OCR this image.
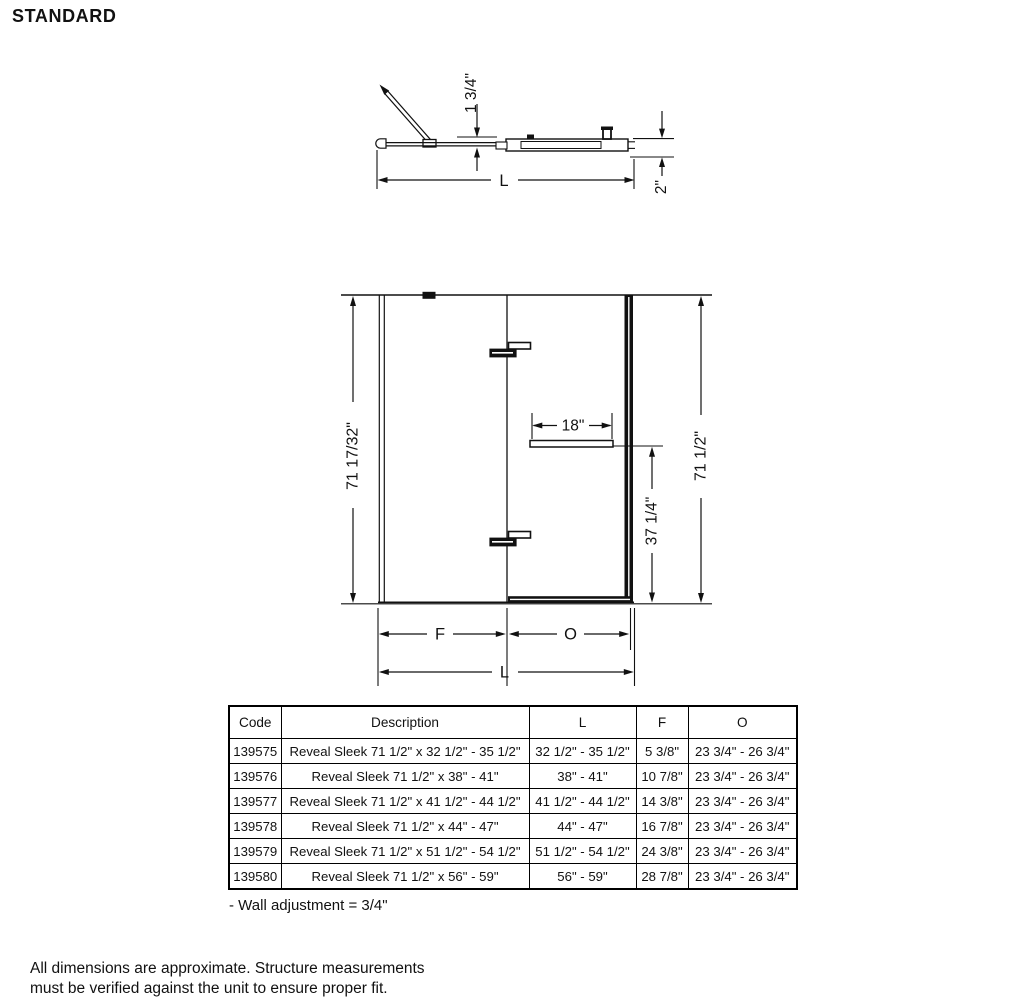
STANDARD
1 3/4"
2"
L
18"
37 1/4"
71 17/32"	71 1/2"
F	O
L
Code	Description	L	F	O
139575	Reveal Sleek 71 1/2" x 32 1/2" - 35 1/2"	32 1/2" - 35 1/2"	5 3/8"	23 3/4" - 26 3/4"
139576	Reveal Sleek 71 1/2" x 38" - 41"	38" - 41"	10 7/8"	23 3/4" - 26 3/4"
139577	Reveal Sleek 71 1/2" x 41 1/2" - 44 1/2"	41 1/2" - 44 1/2"	14 3/8"	23 3/4" - 26 3/4"
139578	Reveal Sleek 71 1/2" x 44" - 47"	44" - 47"	16 7/8"	23 3/4" - 26 3/4"
139579	Reveal Sleek 71 1/2" x 51 1/2" - 54 1/2"	51 1/2" - 54 1/2"	24 3/8"	23 3/4" - 26 3/4"
139580	Reveal Sleek 71 1/2" x 56" - 59"	56" - 59"	28 7/8"	23 3/4" - 26 3/4"
- Wall adjustment = 3/4"
All dimensions are approximate. Structure measurements
must be verified against the unit to ensure proper fit.
